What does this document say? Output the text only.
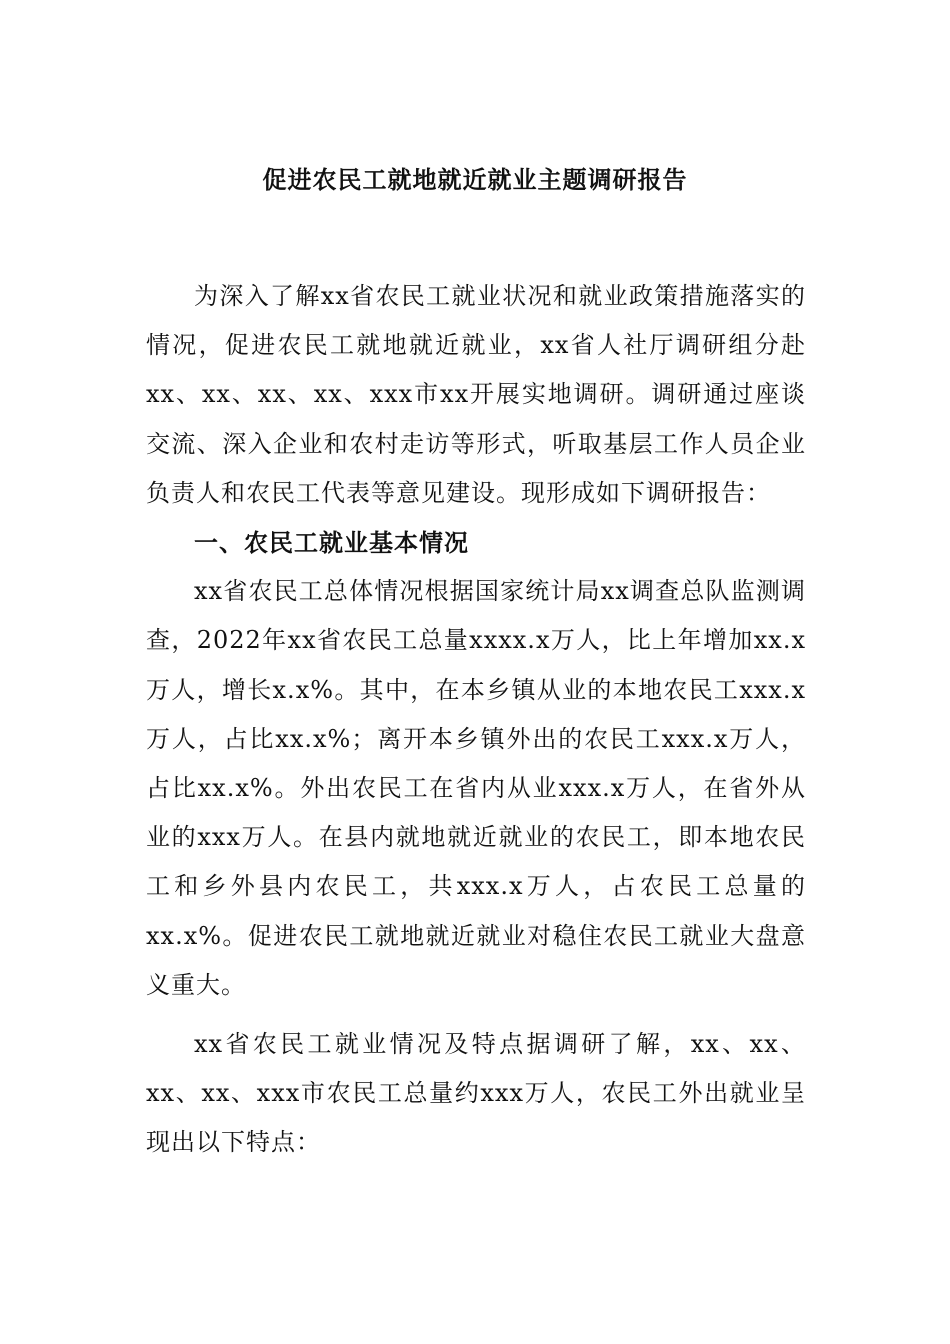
促进农民工就地就近就业主题调研报告

为深入了解xx省农民工就业状况和就业政策措施落实的情况，促进农民工就地就近就业，xx省人社厅调研组分赴xx、xx、xx、xx、xxx市xx开展实地调研。调研通过座谈交流、深入企业和农村走访等形式，听取基层工作人员企业负责人和农民工代表等意见建设。现形成如下调研报告：

一、农民工就业基本情况

xx省农民工总体情况根据国家统计局xx调查总队监测调查，2022年xx省农民工总量xxxx.x万人，比上年增加xx.x万人，增长x.x%。其中，在本乡镇从业的本地农民工xxx.x万人，占比xx.x%；离开本乡镇外出的农民工xxx.x万人，占比xx.x%。外出农民工在省内从业xxx.x万人，在省外从业的xxx万人。在县内就地就近就业的农民工，即本地农民工和乡外县内农民工，共xxx.x万人，占农民工总量的xx.x%。促进农民工就地就近就业对稳住农民工就业大盘意义重大。

xx省农民工就业情况及特点据调研了解，xx、xx、xx、xx、xxx市农民工总量约xxx万人，农民工外出就业呈现出以下特点：
